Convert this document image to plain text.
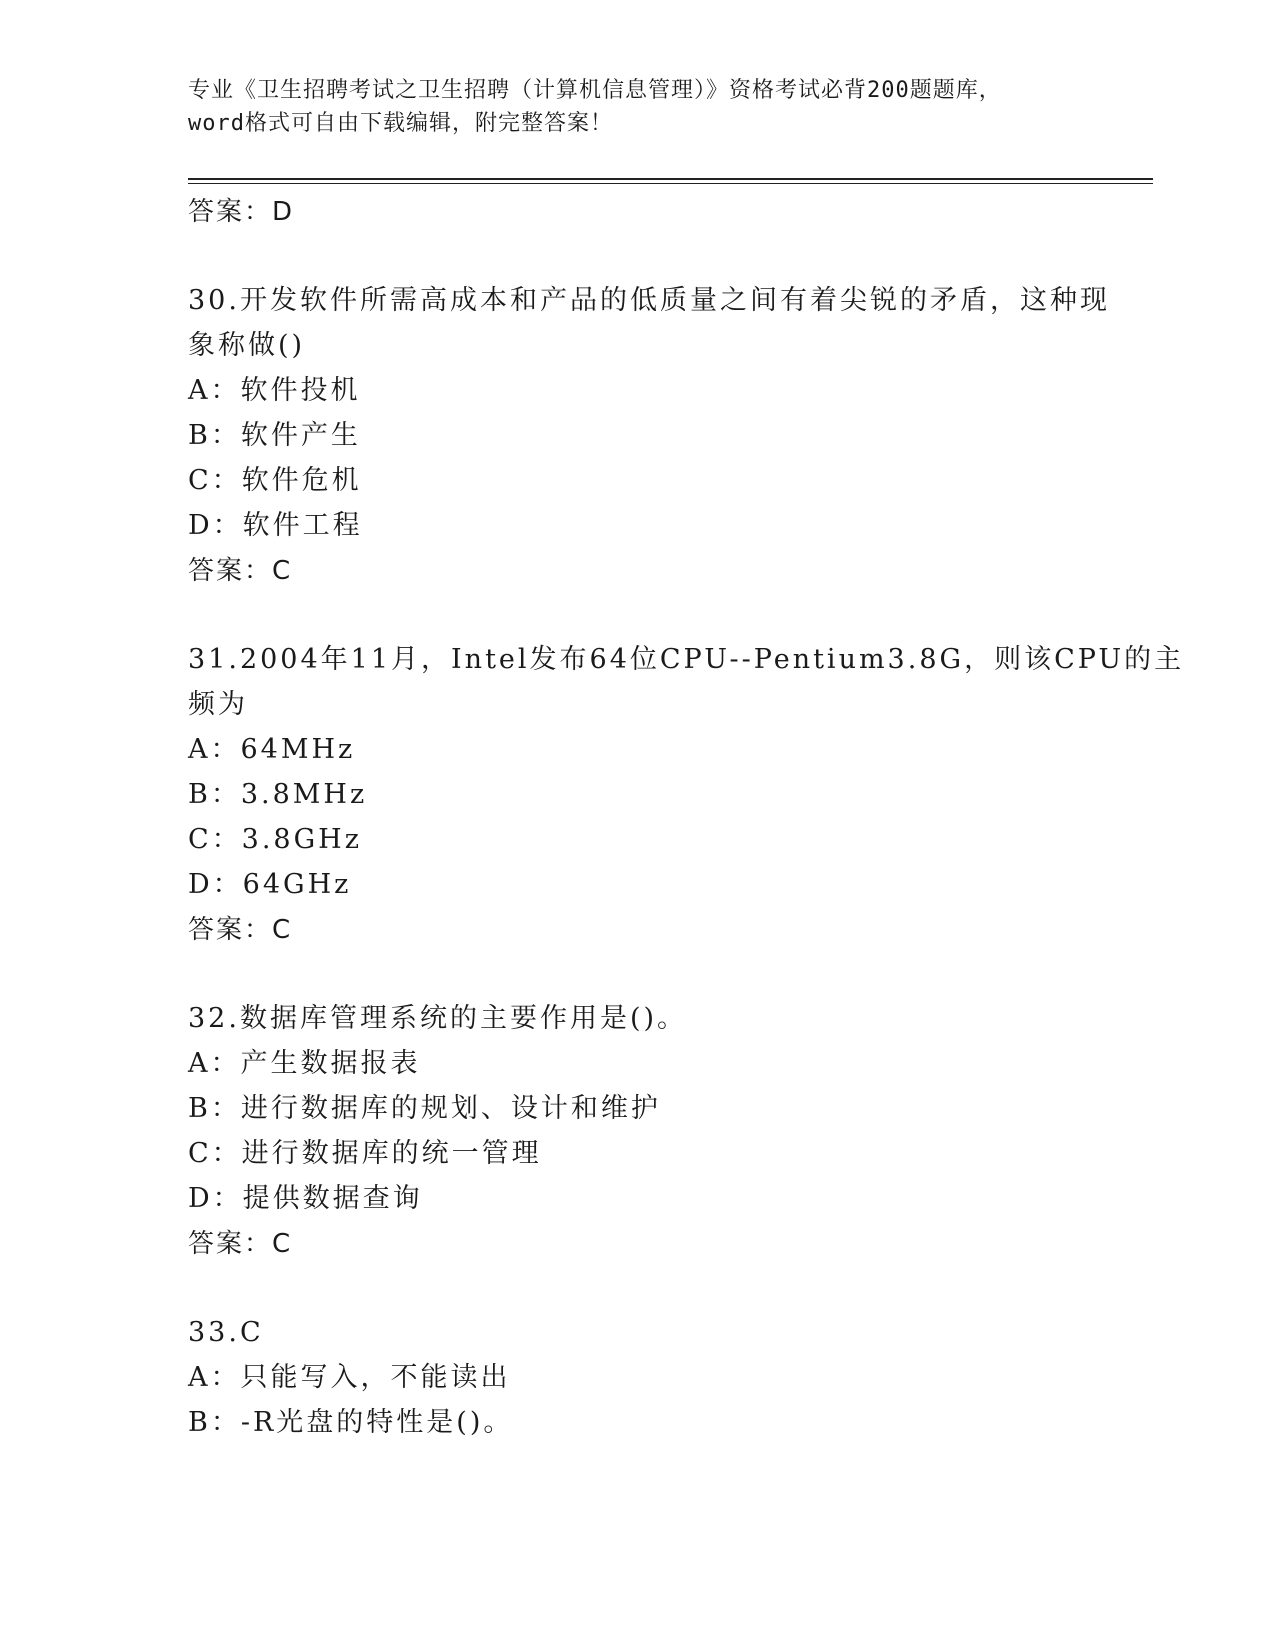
专业《卫生招聘考试之卫生招聘（计算机信息管理）》资格考试必背200题题库，
word格式可自由下载编辑，附完整答案！
答案：D
30.开发软件所需高成本和产品的低质量之间有着尖锐的矛盾，这种现
象称做()
A：软件投机
B：软件产生
C：软件危机
D：软件工程
答案：C
31.2004年11月，Intel发布64位CPU--Pentium3.8G，则该CPU的主
频为
A：64MHz
B：3.8MHz
C：3.8GHz
D：64GHz
答案：C
32.数据库管理系统的主要作用是()。
A：产生数据报表
B：进行数据库的规划、设计和维护
C：进行数据库的统一管理
D：提供数据查询
答案：C
33.C
A：只能写入，不能读出
B：-R光盘的特性是()。
